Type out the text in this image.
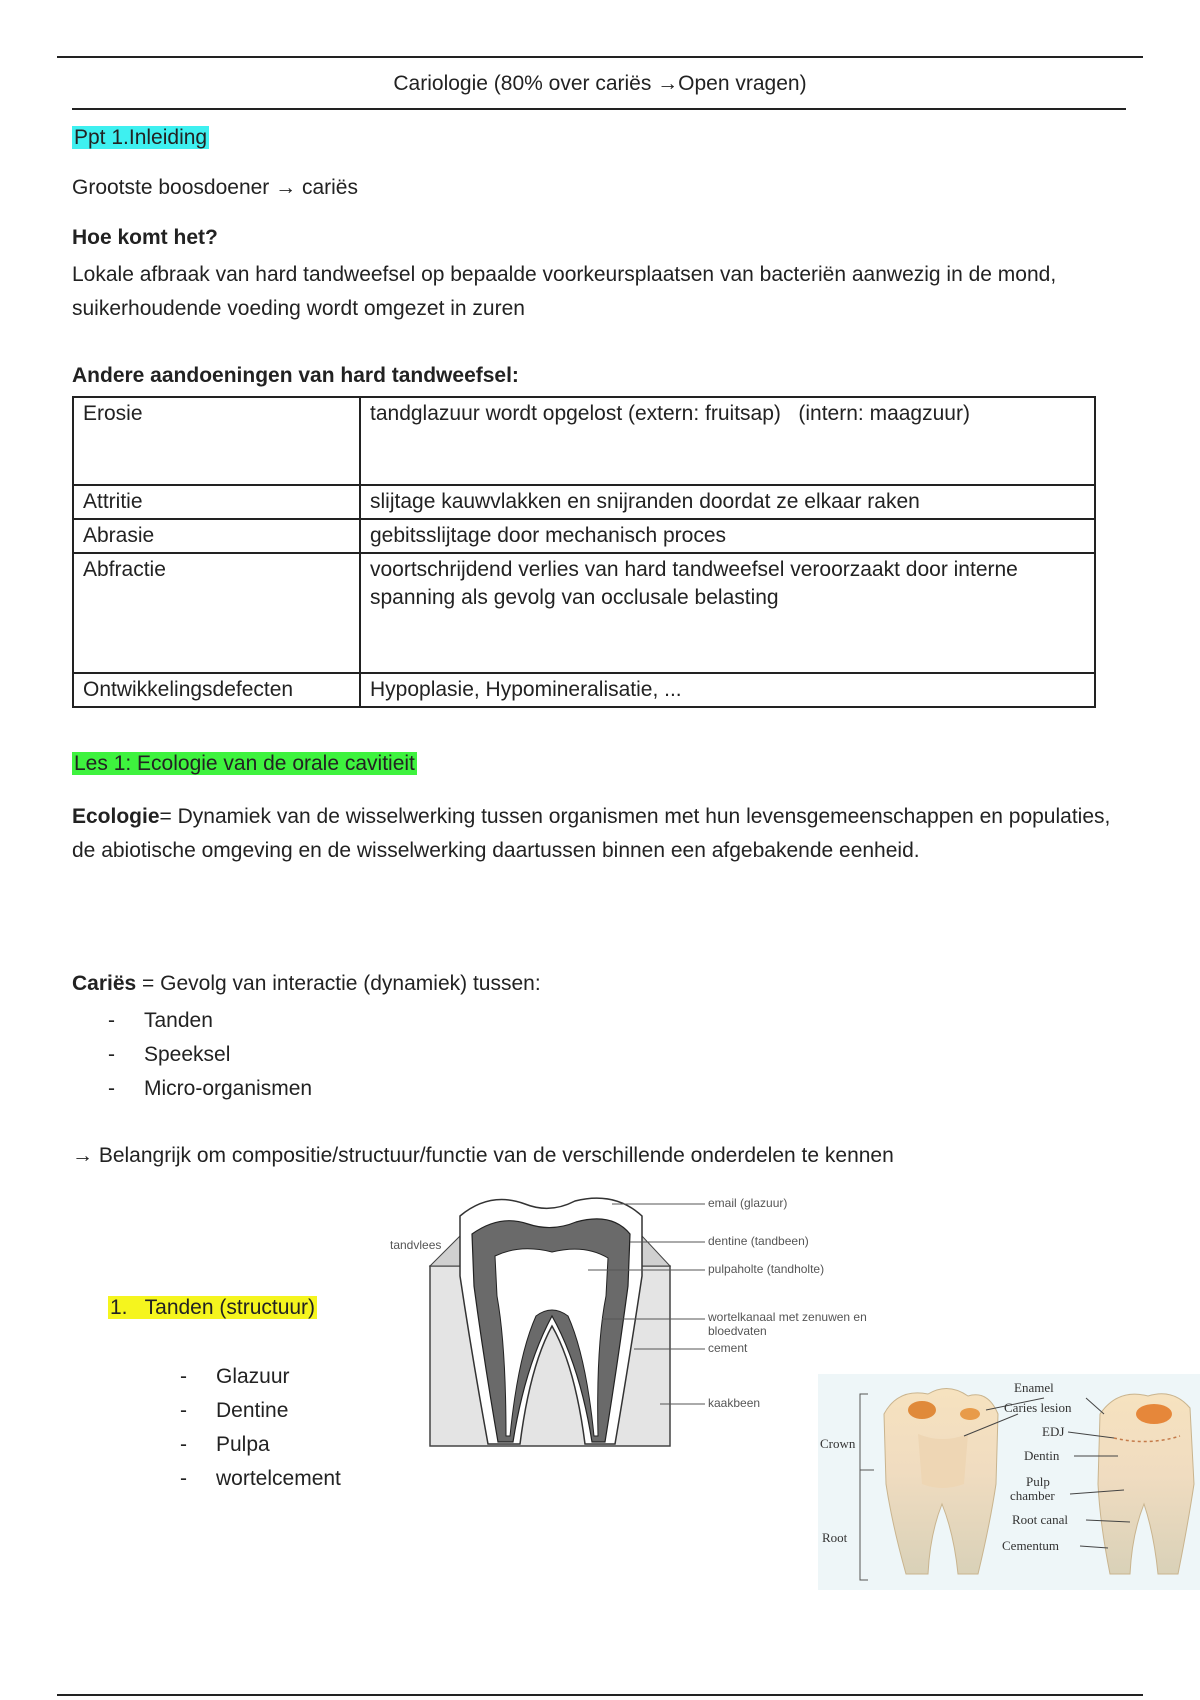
Cariologie (80% over cariës →Open vragen)
Ppt 1.Inleiding
Grootste boosdoener → cariës
Hoe komt het?
Lokale afbraak van hard tandweefsel op bepaalde voorkeursplaatsen van bacteriën aanwezig in de mond, suikerhoudende voeding wordt omgezet in zuren
Andere aandoeningen van hard tandweefsel:
Erosie	tandglazuur wordt opgelost (extern: fruitsap)   (intern: maagzuur)
Attritie	slijtage kauwvlakken en snijranden doordat ze elkaar raken
Abrasie	gebitsslijtage door mechanisch proces
Abfractie	voortschrijdend verlies van hard tandweefsel veroorzaakt door interne spanning als gevolg van occlusale belasting
Ontwikkelingsdefecten	Hypoplasie, Hypomineralisatie, ...
Les 1: Ecologie van de orale cavitieit
Ecologie= Dynamiek van de wisselwerking tussen organismen met hun levensgemeenschappen en populaties, de abiotische omgeving en de wisselwerking daartussen binnen een afgebakende eenheid.
Cariës = Gevolg van interactie (dynamiek) tussen:
- Tanden
- Speeksel
- Micro-organismen
→ Belangrijk om compositie/structuur/functie van de verschillende onderdelen te kennen
1.   Tanden (structuur)
- Glazuur
- Dentine
- Pulpa
- wortelcement
tandvlees
email (glazuur)
dentine (tandbeen)
pulpaholte (tandholte)
wortelkanaal met zenuwen en bloedvaten
cement
kaakbeen
Crown
Root
Enamel
Caries lesion
EDJ
Dentin
Pulp
chamber
Root canal
Cementum
